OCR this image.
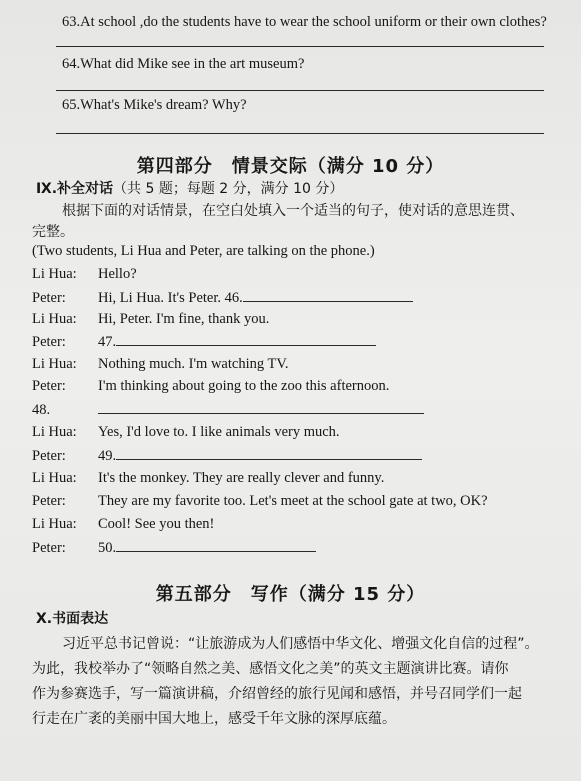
63.At school ,do the students have to wear the school uniform or their own clothes?
64.What did Mike see in the art museum?
65.What's Mike's dream? Why?
第四部分　情景交际（满分 10 分）
Ⅸ.补全对话（共 5 题；每题 2 分，满分 10 分）
根据下面的对话情景，在空白处填入一个适当的句子，使对话的意思连贯、
完整。
(Two students, Li Hua and Peter, are talking on the phone.)
Li Hua: Hello?
Peter: Hi, Li Hua. It's Peter. 46.
Li Hua: Hi, Peter. I'm fine, thank you.
Peter: 47.
Li Hua: Nothing much. I'm watching TV.
Peter: I'm thinking about going to the zoo this afternoon.
48.
Li Hua: Yes, I'd love to. I like animals very much.
Peter: 49.
Li Hua: It's the monkey. They are really clever and funny.
Peter: They are my favorite too. Let's meet at the school gate at two, OK?
Li Hua: Cool! See you then!
Peter: 50.
第五部分　写作（满分 15 分）
Ⅹ.书面表达
习近平总书记曾说：“让旅游成为人们感悟中华文化、增强文化自信的过程”。
为此，我校举办了“领略自然之美、感悟文化之美”的英文主题演讲比赛。请你
作为参赛选手，写一篇演讲稿，介绍曾经的旅行见闻和感悟，并号召同学们一起
行走在广袤的美丽中国大地上，感受千年文脉的深厚底蕴。
